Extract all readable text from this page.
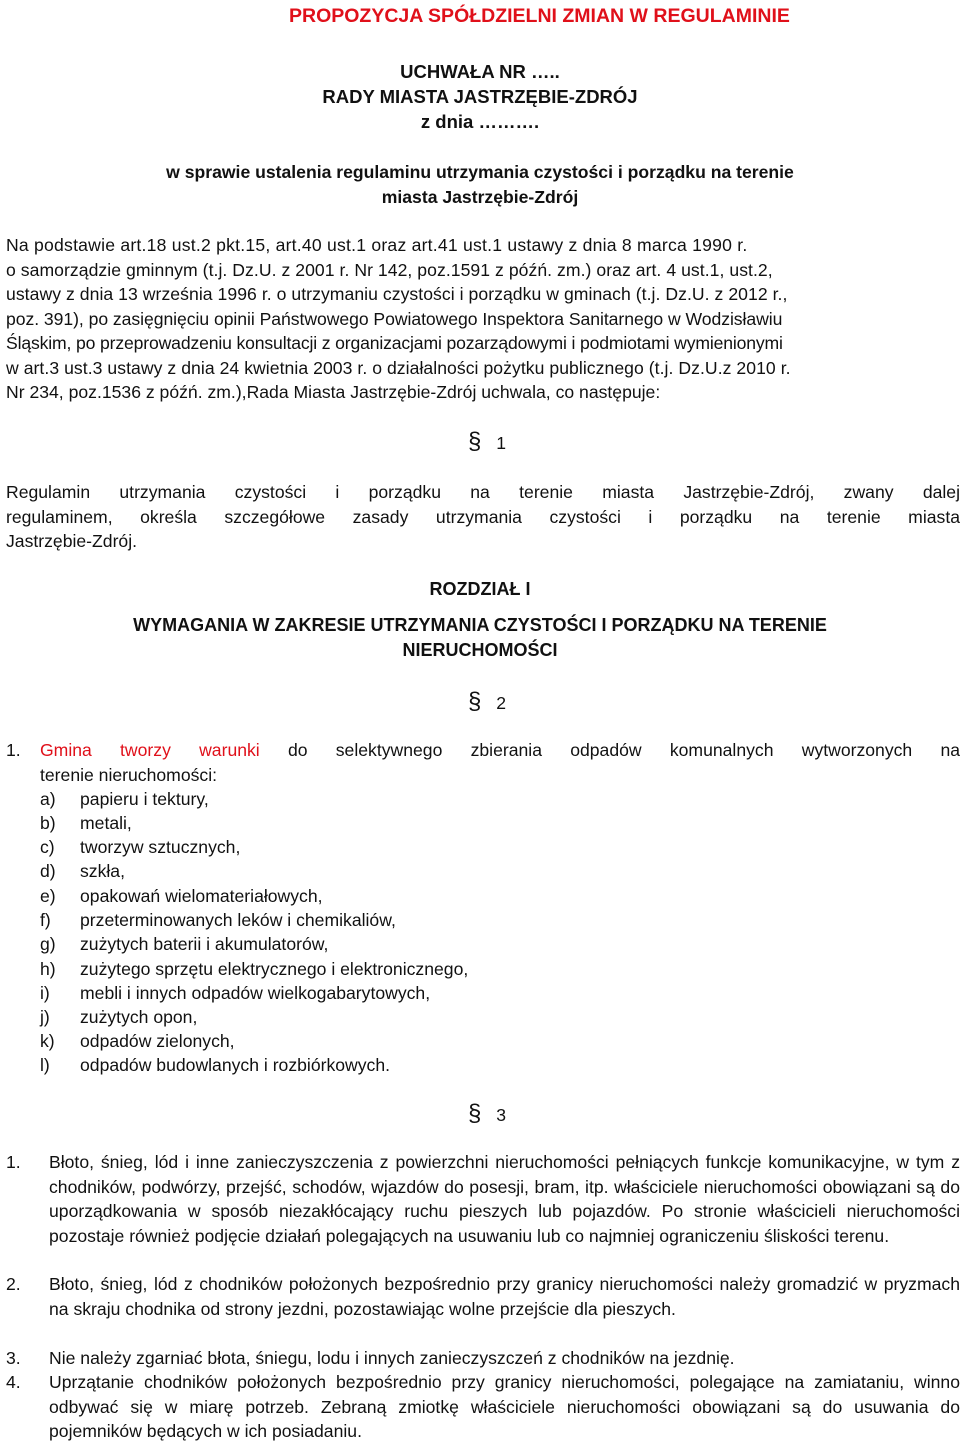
PROPOZYCJA SPÓŁDZIELNI ZMIAN W REGULAMINIE
UCHWAŁA NR …..
RADY MIASTA JASTRZĘBIE-ZDRÓJ
z dnia ……….
w sprawie ustalenia regulaminu utrzymania czystości i porządku na terenie
miasta Jastrzębie-Zdrój
Na podstawie art.18 ust.2 pkt.15, art.40 ust.1 oraz art.41 ust.1 ustawy z dnia 8 marca 1990 r.
o samorządzie gminnym (t.j. Dz.U. z 2001 r. Nr 142, poz.1591 z późń. zm.) oraz art. 4 ust.1, ust.2,
ustawy z dnia 13 września 1996 r. o utrzymaniu czystości i porządku w gminach (t.j. Dz.U. z 2012 r.,
poz. 391), po zasięgnięciu opinii Państwowego Powiatowego Inspektora Sanitarnego w Wodzisławiu
Śląskim, po przeprowadzeniu konsultacji z organizacjami pozarządowymi i podmiotami wymienionymi
w art.3 ust.3 ustawy z dnia 24 kwietnia 2003 r. o działalności pożytku publicznego (t.j. Dz.U.z 2010 r.
Nr 234, poz.1536 z późń. zm.),Rada Miasta Jastrzębie-Zdrój uchwala, co następuje:
§ 1
Regulamin utrzymania czystości i porządku na terenie miasta Jastrzębie-Zdrój, zwany dalej
regulaminem, określa szczegółowe zasady utrzymania czystości i porządku na terenie miasta
Jastrzębie-Zdrój.
ROZDZIAŁ I
WYMAGANIA W ZAKRESIE UTRZYMANIA CZYSTOŚCI I PORZĄDKU NA TERENIE
NIERUCHOMOŚCI
§ 2
1. Gmina tworzy warunki do selektywnego zbierania odpadów komunalnych wytworzonych na
terenie nieruchomości:
a) papieru i tektury,
b) metali,
c) tworzyw sztucznych,
d) szkła,
e) opakowań wielomateriałowych,
f) przeterminowanych leków i chemikaliów,
g) zużytych baterii i akumulatorów,
h) zużytego sprzętu elektrycznego i elektronicznego,
i) mebli i innych odpadów wielkogabarytowych,
j) zużytych opon,
k) odpadów zielonych,
l) odpadów budowlanych i rozbiórkowych.
§ 3
1. Błoto, śnieg, lód i inne zanieczyszczenia z powierzchni nieruchomości pełniących funkcje komunikacyjne, w tym z chodników, podwórzy, przejść, schodów, wjazdów do posesji, bram, itp. właściciele nieruchomości obowiązani są do uporządkowania w sposób niezakłócający ruchu pieszych lub pojazdów. Po stronie właścicieli nieruchomości pozostaje również podjęcie działań polegających na usuwaniu lub co najmniej ograniczeniu śliskości terenu.
2. Błoto, śnieg, lód z chodników położonych bezpośrednio przy granicy nieruchomości należy gromadzić w pryzmach na skraju chodnika od strony jezdni, pozostawiając wolne przejście dla pieszych.
3. Nie należy zgarniać błota, śniegu, lodu i innych zanieczyszczeń z chodników na jezdnię.
4. Uprzątanie chodników położonych bezpośrednio przy granicy nieruchomości, polegające na zamiataniu, winno odbywać się w miarę potrzeb. Zebraną zmiotkę właściciele nieruchomości obowiązani są do usuwania do pojemników będących w ich posiadaniu.
